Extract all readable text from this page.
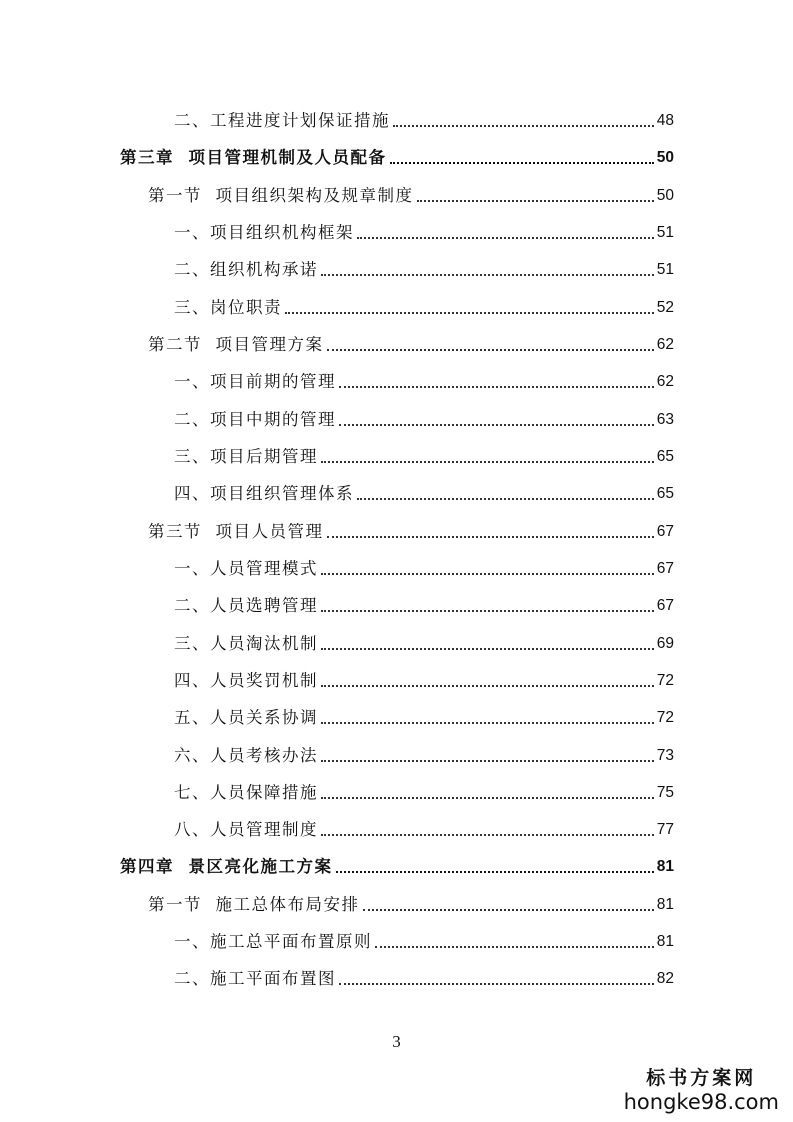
二、工程进度计划保证措施	48
第三章  项目管理机制及人员配备	50
第一节  项目组织架构及规章制度	50
一、项目组织机构框架	51
二、组织机构承诺	51
三、岗位职责	52
第二节  项目管理方案	62
一、项目前期的管理	62
二、项目中期的管理	63
三、项目后期管理	65
四、项目组织管理体系	65
第三节  项目人员管理	67
一、人员管理模式	67
二、人员选聘管理	67
三、人员淘汰机制	69
四、人员奖罚机制	72
五、人员关系协调	72
六、人员考核办法	73
七、人员保障措施	75
八、人员管理制度	77
第四章  景区亮化施工方案	81
第一节  施工总体布局安排	81
一、施工总平面布置原则	81
二、施工平面布置图	82
3
标书方案网
hongke98.com
